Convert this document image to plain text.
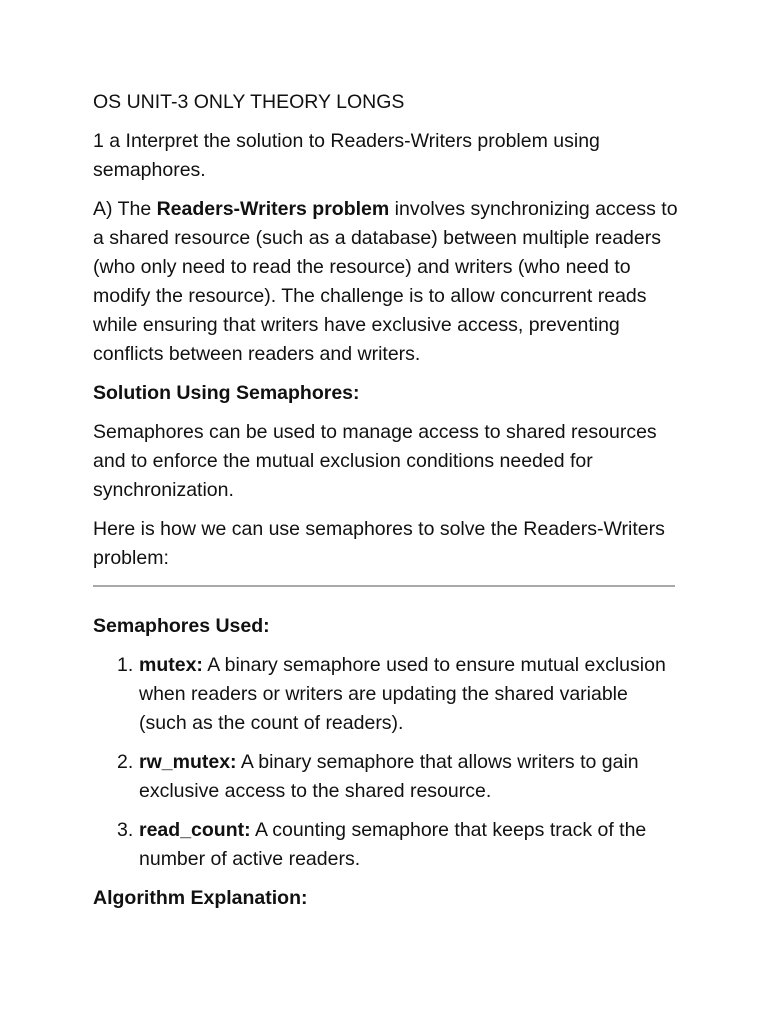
OS UNIT-3 ONLY THEORY LONGS

1 a Interpret the solution to Readers-Writers problem using semaphores.

A) The Readers-Writers problem involves synchronizing access to a shared resource (such as a database) between multiple readers (who only need to read the resource) and writers (who need to modify the resource). The challenge is to allow concurrent reads while ensuring that writers have exclusive access, preventing conflicts between readers and writers.

Solution Using Semaphores:

Semaphores can be used to manage access to shared resources and to enforce the mutual exclusion conditions needed for synchronization.

Here is how we can use semaphores to solve the Readers-Writers problem:

Semaphores Used:

1. mutex: A binary semaphore used to ensure mutual exclusion when readers or writers are updating the shared variable (such as the count of readers).
2. rw_mutex: A binary semaphore that allows writers to gain exclusive access to the shared resource.
3. read_count: A counting semaphore that keeps track of the number of active readers.

Algorithm Explanation:
